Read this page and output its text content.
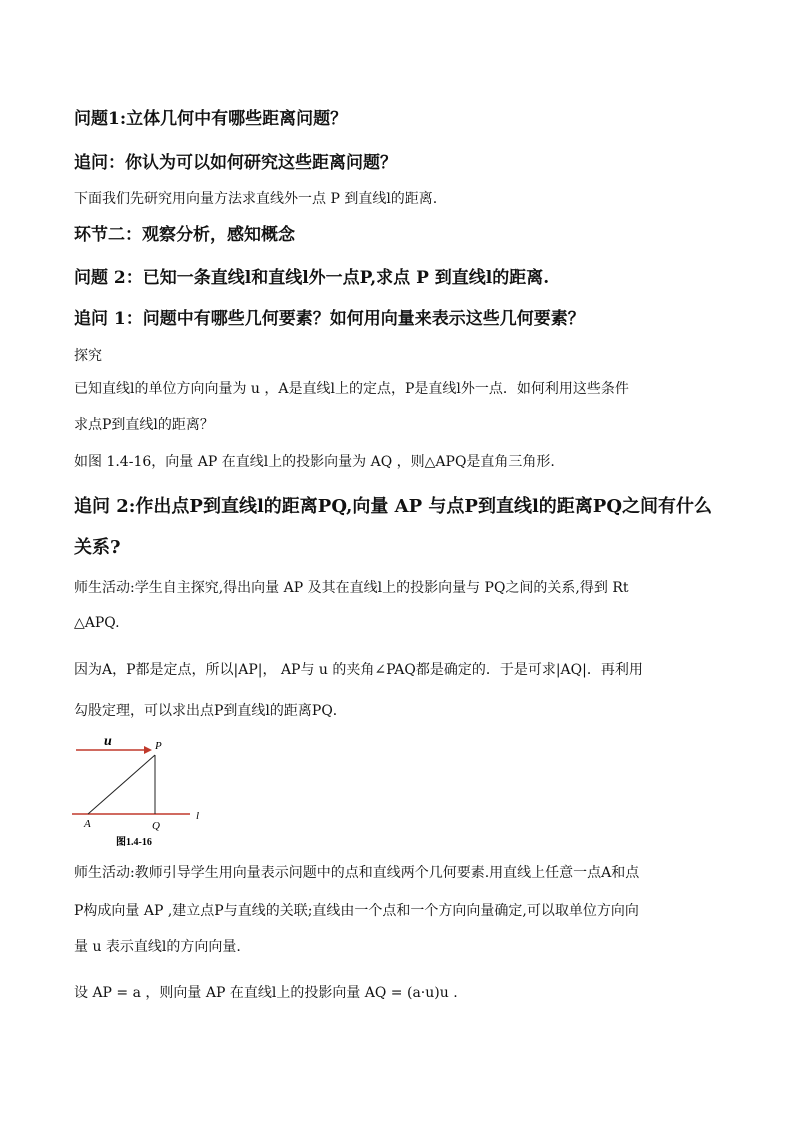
问题1:立体几何中有哪些距离问题？
追问：你认为可以如何研究这些距离问题？
下面我们先研究用向量方法求直线外一点 P 到直线l的距离.
环节二：观察分析，感知概念
问题 2：已知一条直线l和直线l外一点P,求点 P 到直线l的距离.
追问 1：问题中有哪些几何要素？如何用向量来表示这些几何要素？
探究
已知直线l的单位方向向量为 u ，A是直线l上的定点，P是直线l外一点．如何利用这些条件
求点P到直线l的距离？
如图 1.4-16，向量 AP 在直线l上的投影向量为 AQ ，则△APQ是直角三角形.
追问 2:作出点P到直线l的距离PQ,向量 AP 与点P到直线l的距离PQ之间有什么
关系?
师生活动:学生自主探究,得出向量 AP 及其在直线l上的投影向量与 PQ之间的关系,得到 Rt
△APQ.
因为A，P都是定点，所以|AP|， AP与 u 的夹角∠PAQ都是确定的．于是可求|AQ|．再利用
勾股定理，可以求出点P到直线l的距离PQ．
u	P
A	Q
l
图1.4-16
师生活动:教师引导学生用向量表示问题中的点和直线两个几何要素.用直线上任意一点A和点
P构成向量 AP ,建立点P与直线的关联;直线由一个点和一个方向向量确定,可以取单位方向向
量 u 表示直线l的方向向量.
设 AP = a ，则向量 AP 在直线l上的投影向量 AQ = (a·u)u .
